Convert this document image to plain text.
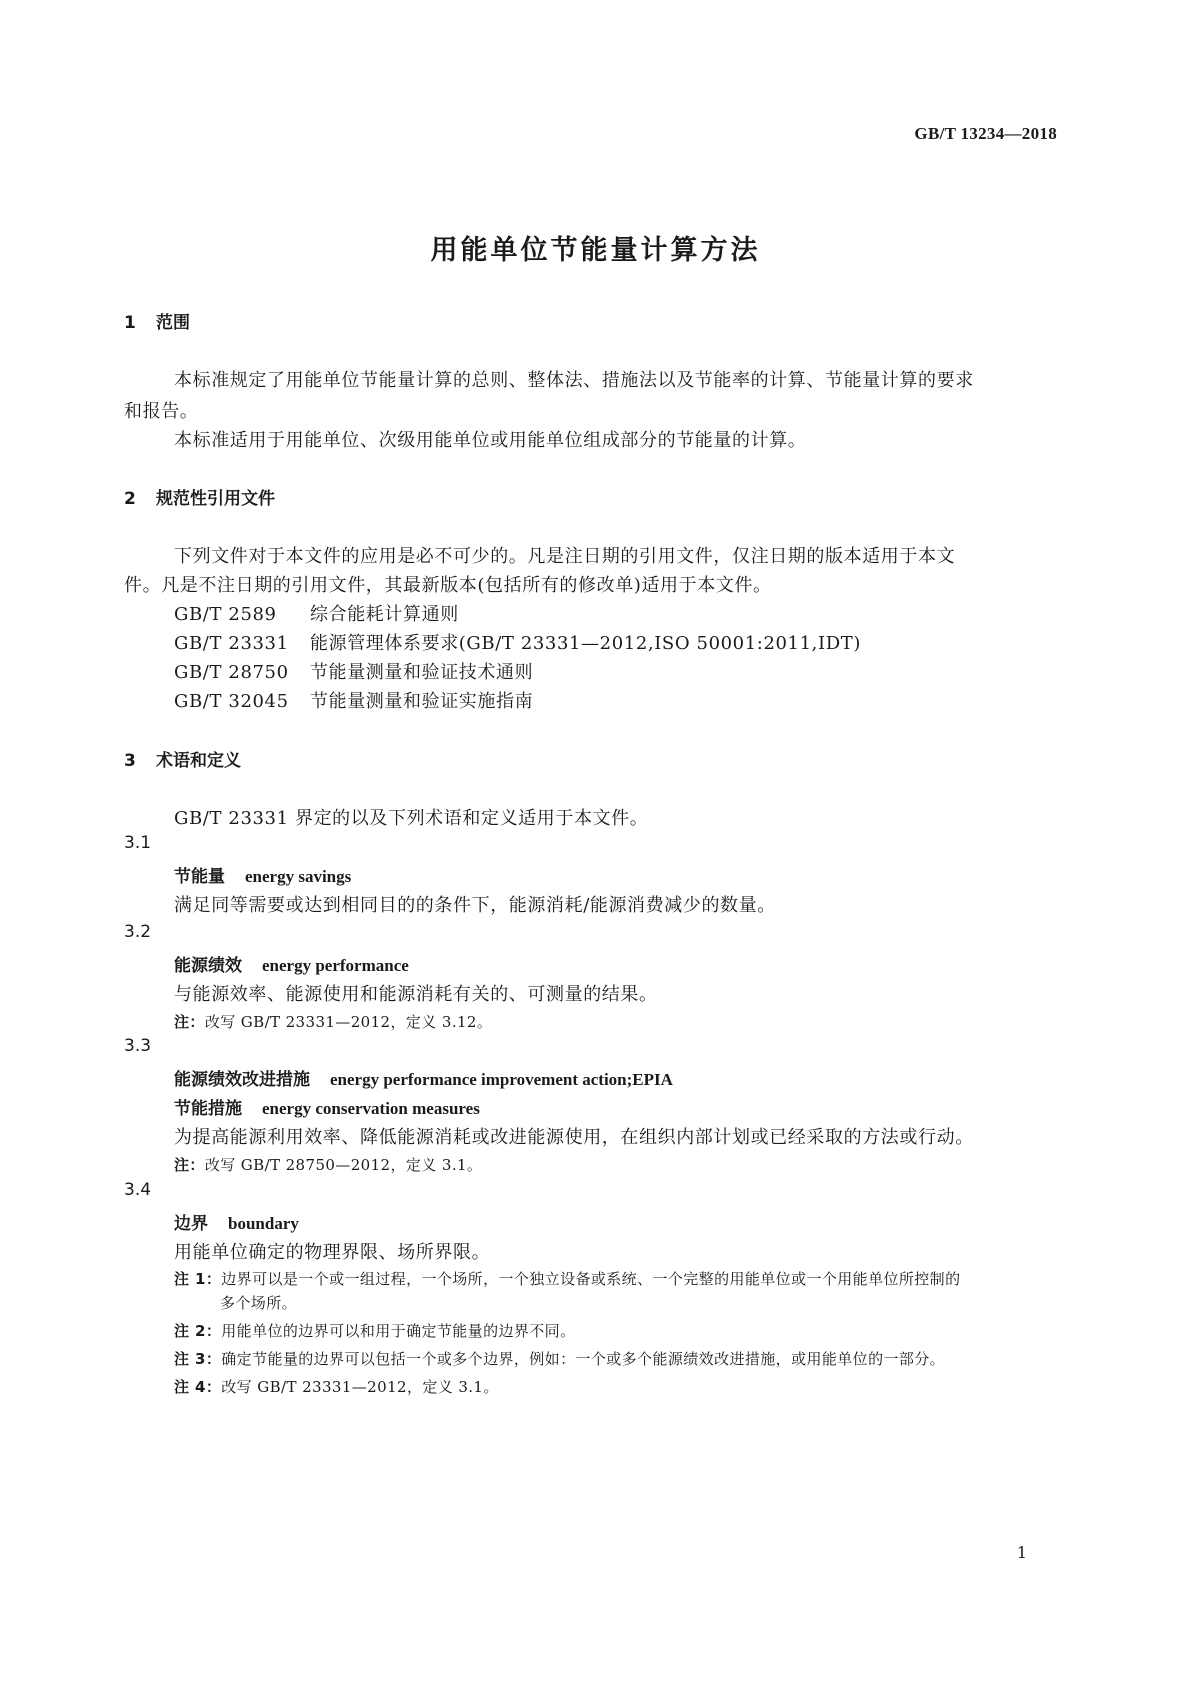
GB/T 13234—2018
用能单位节能量计算方法
1 范围
本标准规定了用能单位节能量计算的总则、整体法、措施法以及节能率的计算、节能量计算的要求
和报告。
本标准适用于用能单位、次级用能单位或用能单位组成部分的节能量的计算。
2 规范性引用文件
下列文件对于本文件的应用是必不可少的。凡是注日期的引用文件，仅注日期的版本适用于本文
件。凡是不注日期的引用文件，其最新版本(包括所有的修改单)适用于本文件。
GB/T 2589 综合能耗计算通则
GB/T 23331 能源管理体系要求(GB/T 23331—2012,ISO 50001:2011,IDT)
GB/T 28750 节能量测量和验证技术通则
GB/T 32045 节能量测量和验证实施指南
3 术语和定义
GB/T 23331 界定的以及下列术语和定义适用于本文件。
3.1
节能量 energy savings
满足同等需要或达到相同目的的条件下，能源消耗/能源消费减少的数量。
3.2
能源绩效 energy performance
与能源效率、能源使用和能源消耗有关的、可测量的结果。
注：改写 GB/T 23331—2012，定义 3.12。
3.3
能源绩效改进措施 energy performance improvement action;EPIA
节能措施 energy conservation measures
为提高能源利用效率、降低能源消耗或改进能源使用，在组织内部计划或已经采取的方法或行动。
注：改写 GB/T 28750—2012，定义 3.1。
3.4
边界 boundary
用能单位确定的物理界限、场所界限。
注 1：边界可以是一个或一组过程，一个场所，一个独立设备或系统、一个完整的用能单位或一个用能单位所控制的
多个场所。
注 2：用能单位的边界可以和用于确定节能量的边界不同。
注 3：确定节能量的边界可以包括一个或多个边界，例如：一个或多个能源绩效改进措施，或用能单位的一部分。
注 4：改写 GB/T 23331—2012，定义 3.1。
1
